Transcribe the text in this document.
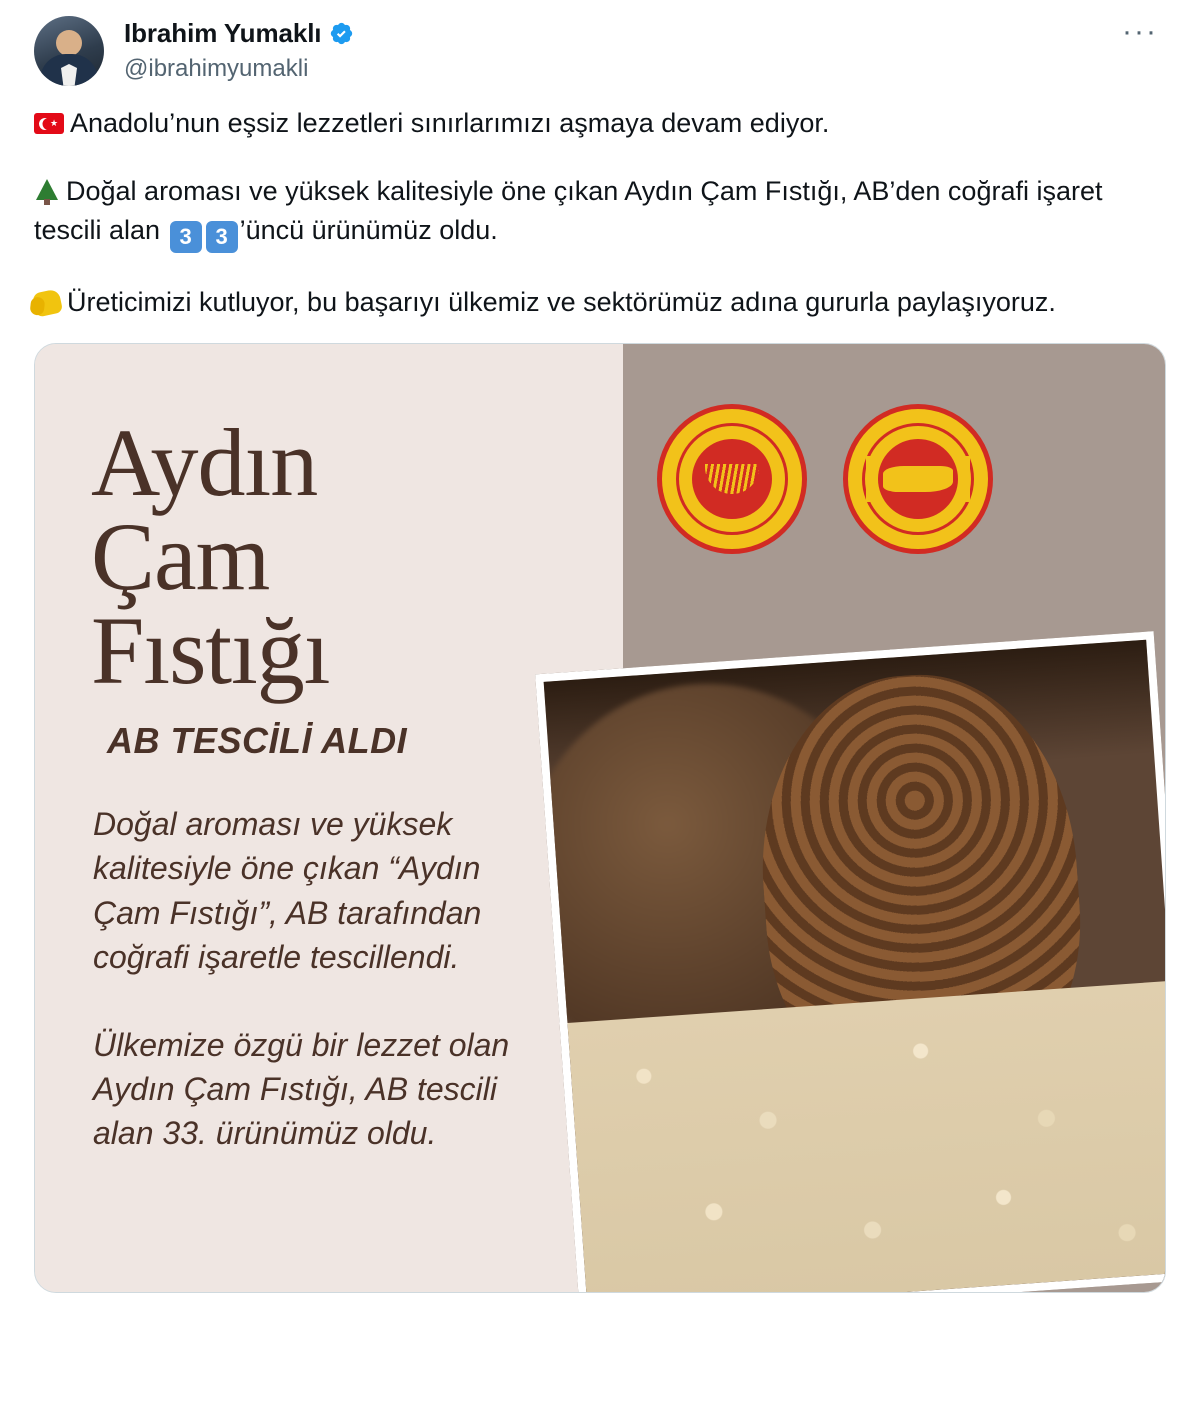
Ibrahim Yumaklı
@ibrahimyumakli
···

★Anadolu’nun eşsiz lezzetleri sınırlarımızı aşmaya devam ediyor.

Doğal aroması ve yüksek kalitesiyle öne çıkan Aydın Çam Fıstığı, AB’den coğrafi işaret tescili alan 3 3 ’üncü ürünümüz oldu.

Üreticimizi kutluyor, bu başarıyı ülkemiz ve sektörümüz adına gururla paylaşıyoruz.

Aydın
Çam
Fıstığı
AB TESCİLİ ALDI
Doğal aroması ve yüksek kalitesiyle öne çıkan “Aydın Çam Fıstığı”, AB tarafından coğrafi işaretle tescillendi.
Ülkemize özgü bir lezzet olan Aydın Çam Fıstığı, AB tescili alan 33. ürünümüz oldu.
